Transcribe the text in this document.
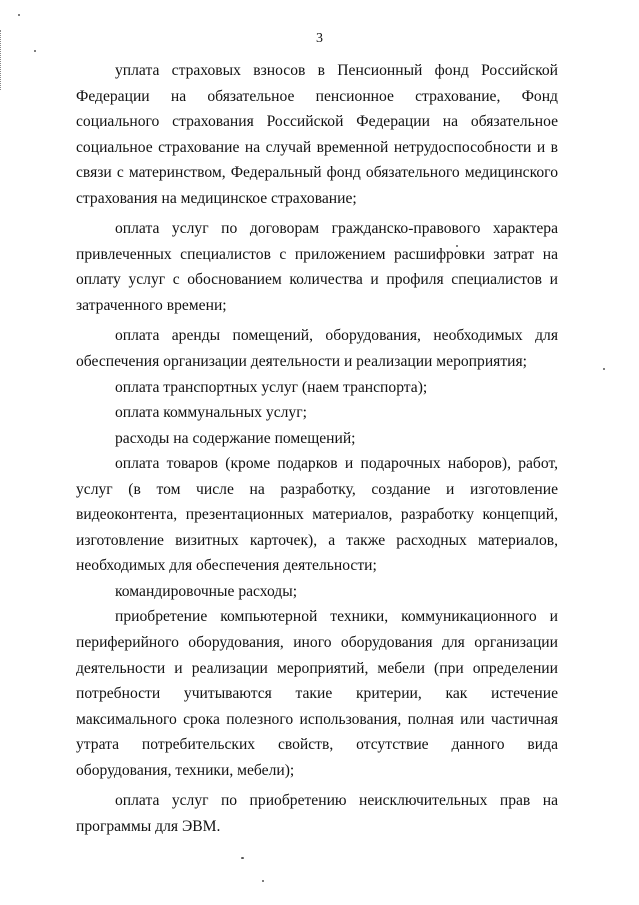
3

уплата страховых взносов в Пенсионный фонд Российской Федерации на обязательное пенсионное страхование, Фонд социального страхования Российской Федерации на обязательное социальное страхование на случай временной нетрудоспособности и в связи с материнством, Федеральный фонд обязательного медицинского страхования на медицинское страхование;

оплата услуг по договорам гражданско-правового характера привлеченных специалистов с приложением расшифровки затрат на оплату услуг с обоснованием количества и профиля специалистов и затраченного времени;

оплата аренды помещений, оборудования, необходимых для обеспечения организации деятельности и реализации мероприятия;

оплата транспортных услуг (наем транспорта);

оплата коммунальных услуг;

расходы на содержание помещений;

оплата товаров (кроме подарков и подарочных наборов), работ, услуг (в том числе на разработку, создание и изготовление видеоконтента, презентационных материалов, разработку концепций, изготовление визитных карточек), а также расходных материалов, необходимых для обеспечения деятельности;

командировочные расходы;

приобретение компьютерной техники, коммуникационного и периферийного оборудования, иного оборудования для организации деятельности и реализации мероприятий, мебели (при определении потребности учитываются такие критерии, как истечение максимального срока полезного использования, полная или частичная утрата потребительских свойств, отсутствие данного вида оборудования, техники, мебели);

оплата услуг по приобретению неисключительных прав на программы для ЭВМ.
